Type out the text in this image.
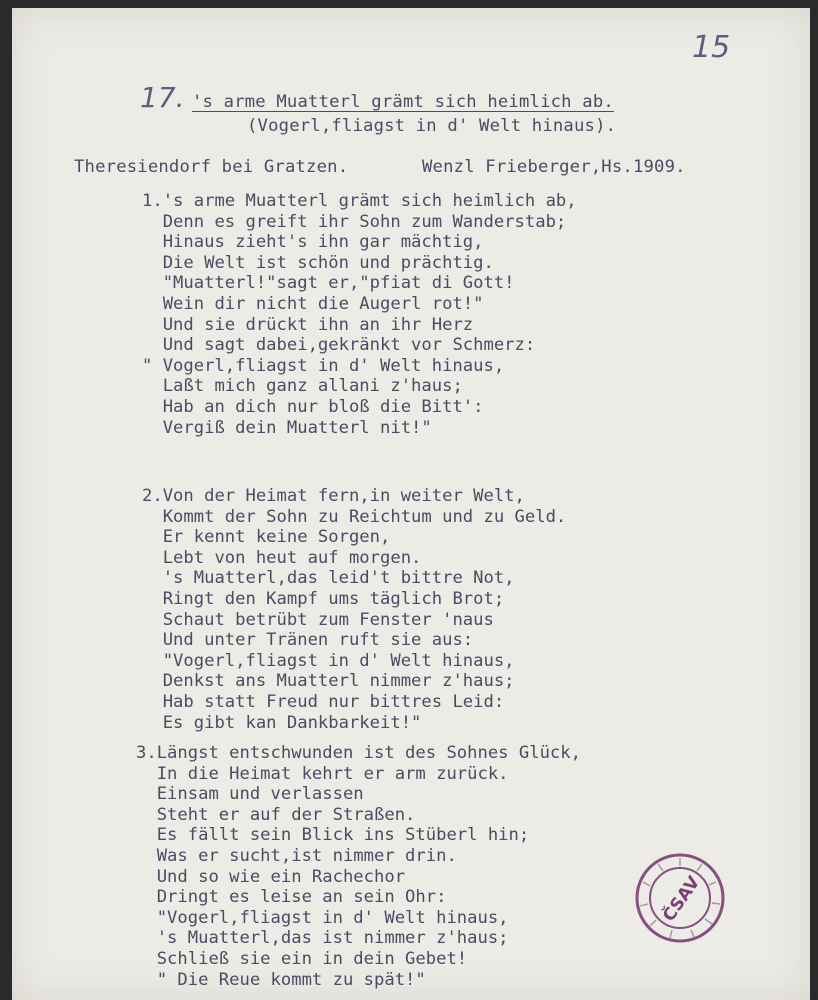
15
17. 's arme Muatterl grämt sich heimlich ab.
(Vogerl,fliagst in d' Welt hinaus).
Theresiendorf bei Gratzen.	Wenzl Frieberger,Hs.1909.
1.'s arme Muatterl grämt sich heimlich ab,
Denn es greift ihr Sohn zum Wanderstab;
Hinaus zieht's ihn gar mächtig,
Die Welt ist schön und prächtig.
"Muatterl!"sagt er,"pfiat di Gott!
Wein dir nicht die Augerl rot!"
Und sie drückt ihn an ihr Herz
Und sagt dabei,gekränkt vor Schmerz:
" Vogerl,fliagst in d' Welt hinaus,
Laßt mich ganz allani z'haus;
Hab an dich nur bloß die Bitt':
Vergiß dein Muatterl nit!"
2.Von der Heimat fern,in weiter Welt,
Kommt der Sohn zu Reichtum und zu Geld.
Er kennt keine Sorgen,
Lebt von heut auf morgen.
's Muatterl,das leid't bittre Not,
Ringt den Kampf ums täglich Brot;
Schaut betrübt zum Fenster 'naus
Und unter Tränen ruft sie aus:
"Vogerl,fliagst in d' Welt hinaus,
Denkst ans Muatterl nimmer z'haus;
Hab statt Freud nur bittres Leid:
Es gibt kan Dankbarkeit!"
3.Längst entschwunden ist des Sohnes Glück,
In die Heimat kehrt er arm zurück.
Einsam und verlassen
Steht er auf der Straßen.
Es fällt sein Blick ins Stüberl hin;
Was er sucht,ist nimmer drin.
Und so wie ein Rachechor
Dringt es leise an sein Ohr:
"Vogerl,fliagst in d' Welt hinaus,
's Muatterl,das ist nimmer z'haus;
Schließ sie ein in dein Gebet!
" Die Reue kommt zu spät!"
ČSAV
